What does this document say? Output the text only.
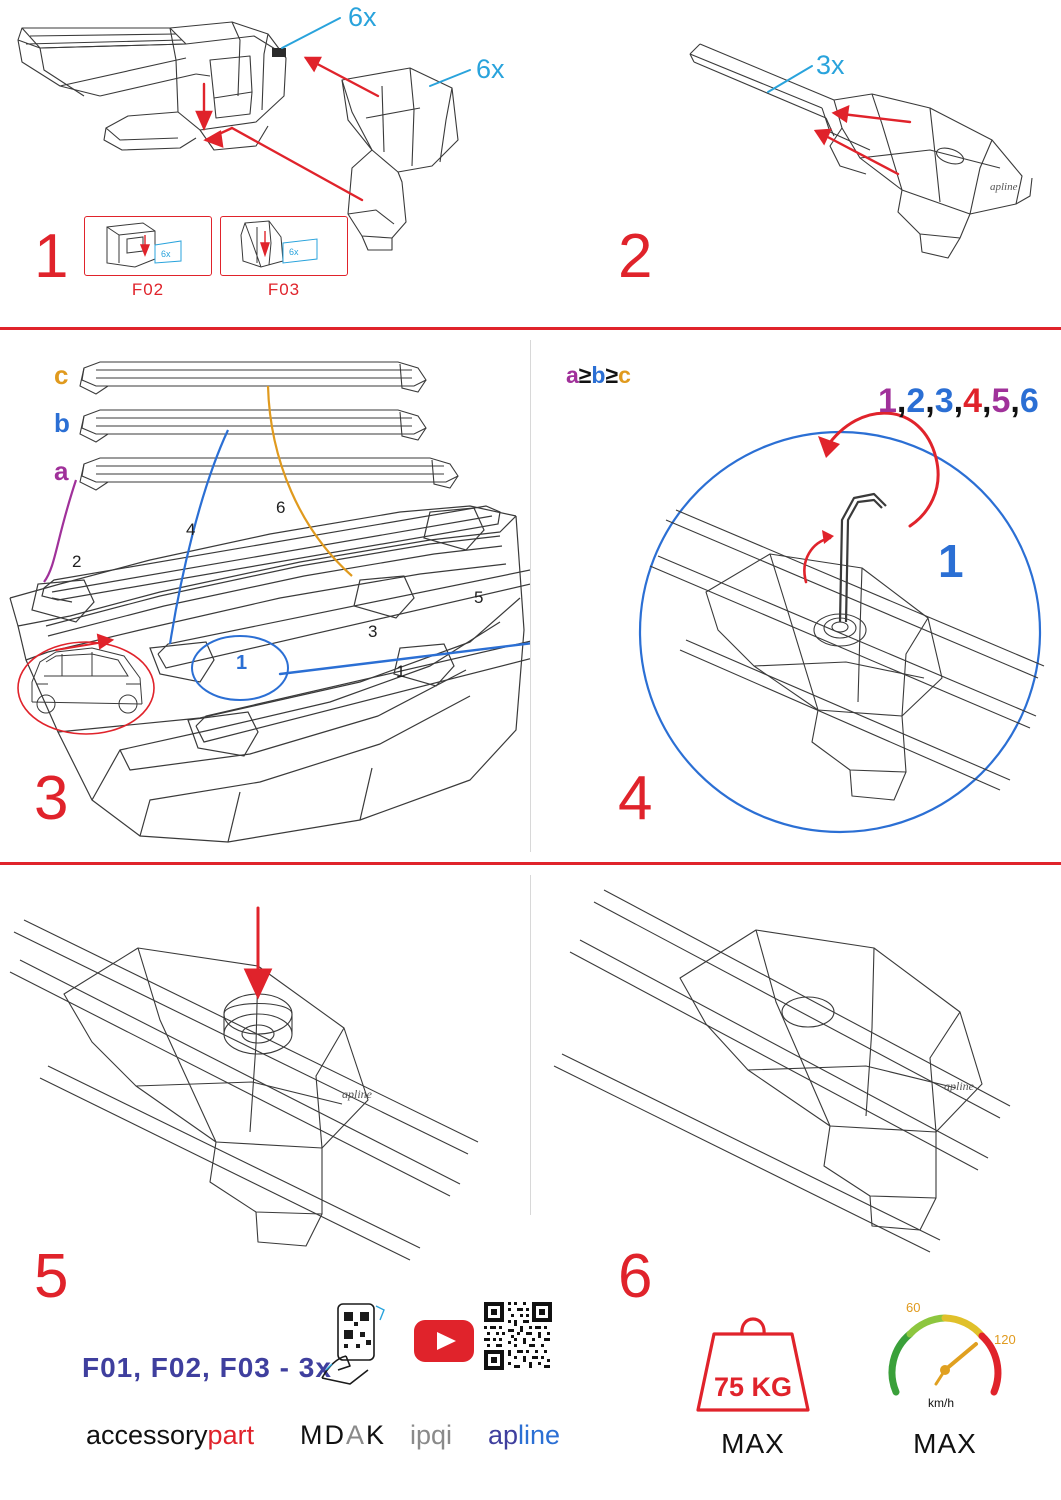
6x
6x
6x
F02
6x
F03
1
apline
3x
2
c
b
a
2
4
6
5
3
1
1
3
a≥b≥c
1,2,3,4,5,6
1
4
apline
5
apline
6
F01, F02, F03 - 3x
accessorypart MDAK ipqi apline
75 KG
MAX
60
120
km/h
MAX
